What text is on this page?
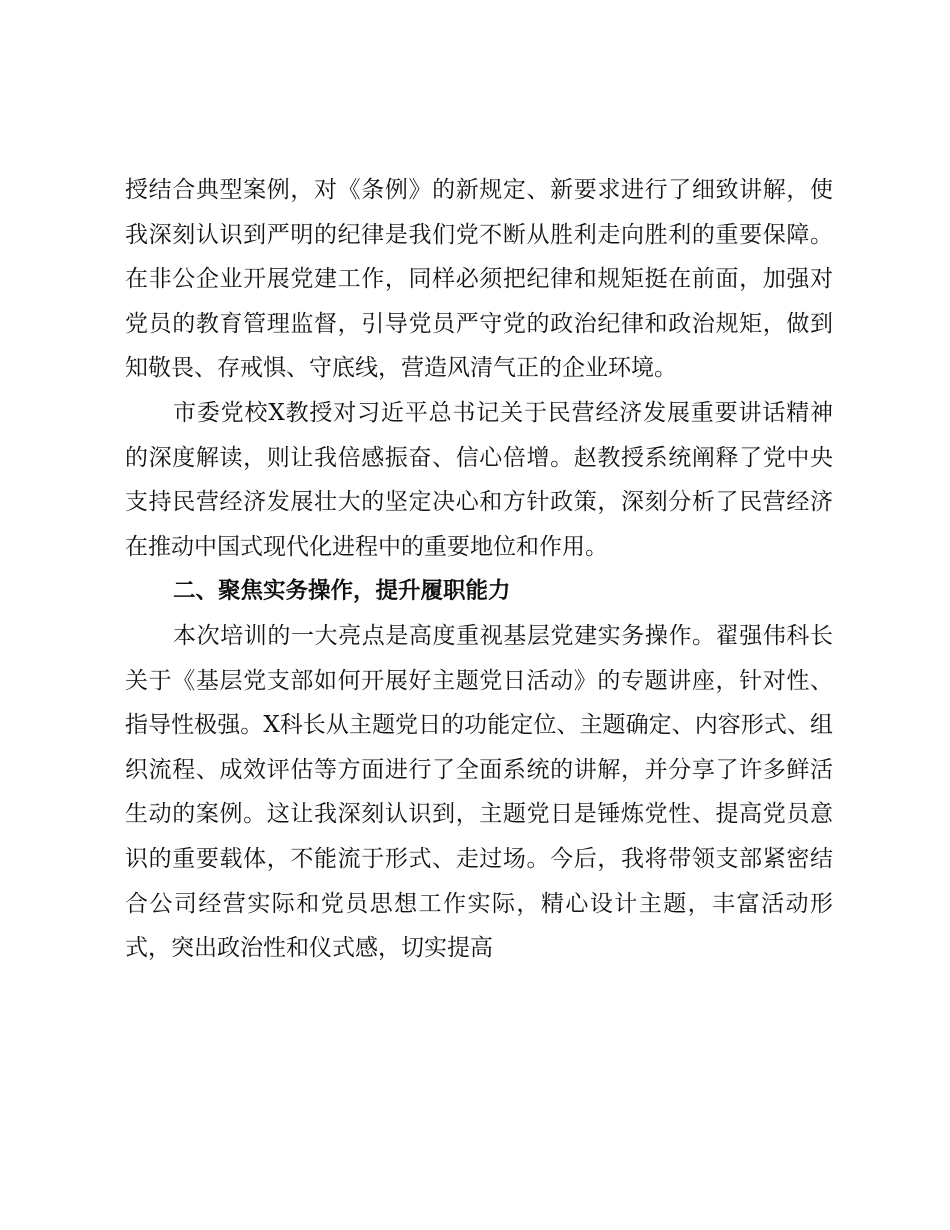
授结合典型案例，对《条例》的新规定、新要求进行了细致讲解，使我深刻认识到严明的纪律是我们党不断从胜利走向胜利的重要保障。在非公企业开展党建工作，同样必须把纪律和规矩挺在前面，加强对党员的教育管理监督，引导党员严守党的政治纪律和政治规矩，做到知敬畏、存戒惧、守底线，营造风清气正的企业环境。

市委党校X教授对习近平总书记关于民营经济发展重要讲话精神的深度解读，则让我倍感振奋、信心倍增。赵教授系统阐释了党中央支持民营经济发展壮大的坚定决心和方针政策，深刻分析了民营经济在推动中国式现代化进程中的重要地位和作用。

二、聚焦实务操作，提升履职能力

本次培训的一大亮点是高度重视基层党建实务操作。翟强伟科长关于《基层党支部如何开展好主题党日活动》的专题讲座，针对性、指导性极强。X科长从主题党日的功能定位、主题确定、内容形式、组织流程、成效评估等方面进行了全面系统的讲解，并分享了许多鲜活生动的案例。这让我深刻认识到，主题党日是锤炼党性、提高党员意识的重要载体，不能流于形式、走过场。今后，我将带领支部紧密结合公司经营实际和党员思想工作实际，精心设计主题，丰富活动形式，突出政治性和仪式感，切实提高
